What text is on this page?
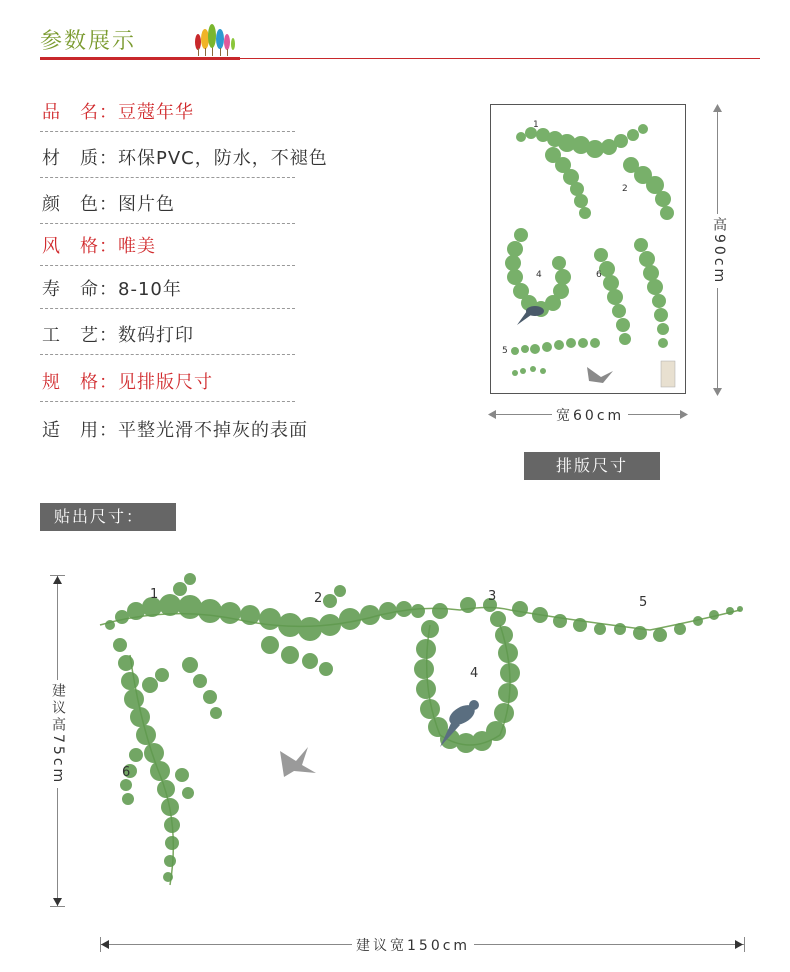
参数展示
品　名：豆蔻年华
材　质：环保PVC，防水，不褪色
颜　色：图片色
风　格：唯美
寿　命：8-10年
工　艺：数码打印
规　格：见排版尺寸
适　用：平整光滑不掉灰的表面
1
2
4
5
6	高90cm
宽60cm
排版尺寸
贴出尺寸：
1	2	3
4
5
6
建议高75cm
建议宽150cm
